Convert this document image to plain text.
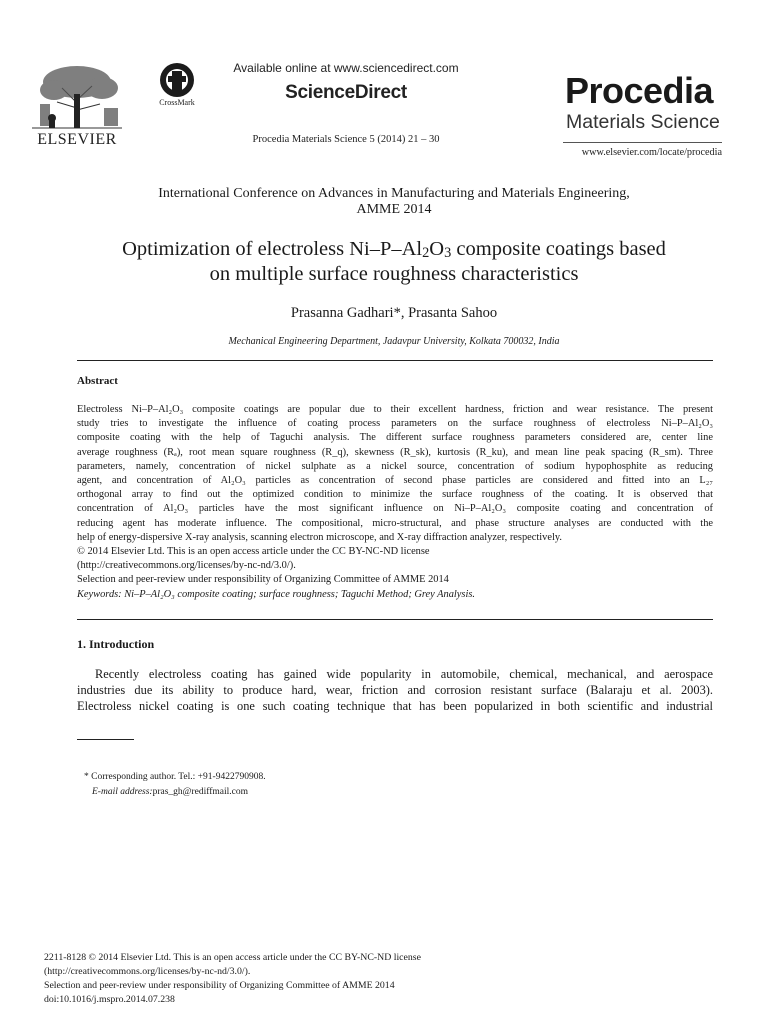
ELSEVIER
CrossMark
Available online at www.sciencedirect.com
ScienceDirect
Procedia Materials Science 5 (2014) 21 – 30
Procedia
Materials Science
www.elsevier.com/locate/procedia
International Conference on Advances in Manufacturing and Materials Engineering,
AMME 2014
Optimization of electroless $Ni-P-Al_2O_3$ composite coatings based
on multiple surface roughness characteristics
Prasanna Gadhari*, Prasanta Sahoo
Mechanical Engineering Department, Jadavpur University, Kolkata 700032, India
Abstract
Electroless Ni–P–Al₂O₃ composite coatings are popular due to their excellent hardness, friction and wear resistance. The present
study tries to investigate the influence of coating process parameters on the surface roughness of electroless Ni–P–Al₂O₃
composite coating with the help of Taguchi analysis. The different surface roughness parameters considered are, center line
average roughness (Rₐ), root mean square roughness (R_q), skewness (R_sk), kurtosis (R_ku), and mean line peak spacing (R_sm). Three
parameters, namely, concentration of nickel sulphate as a nickel source, concentration of sodium hypophosphite as reducing
agent, and concentration of Al₂O₃ particles as concentration of second phase particles are considered and fitted into an L₂₇
orthogonal array to find out the optimized condition to minimize the surface roughness of the coating. It is observed that
concentration of Al₂O₃ particles have the most significant influence on Ni–P–Al₂O₃ composite coating and concentration of
reducing agent has moderate influence. The compositional, micro-structural, and phase structure analyses are conducted with the
help of energy-dispersive X-ray analysis, scanning electron microscope, and X-ray diffraction analyzer, respectively.
© 2014 Elsevier Ltd. This is an open access article under the CC BY-NC-ND license
(http://creativecommons.org/licenses/by-nc-nd/3.0/).
Selection and peer-review under responsibility of Organizing Committee of AMME 2014
Keywords: Ni–P–Al₂O₃ composite coating; surface roughness; Taguchi Method; Grey Analysis.
1. Introduction
Recently electroless coating has gained wide popularity in automobile, chemical, mechanical, and aerospace
industries due its ability to produce hard, wear, friction and corrosion resistant surface (Balaraju et al. 2003).
Electroless nickel coating is one such coating technique that has been popularized in both scientific and industrial
* Corresponding author. Tel.: +91-9422790908.
E-mail address:pras_gh@rediffmail.com
2211-8128 © 2014 Elsevier Ltd. This is an open access article under the CC BY-NC-ND license
(http://creativecommons.org/licenses/by-nc-nd/3.0/).
Selection and peer-review under responsibility of Organizing Committee of AMME 2014
doi:10.1016/j.mspro.2014.07.238
